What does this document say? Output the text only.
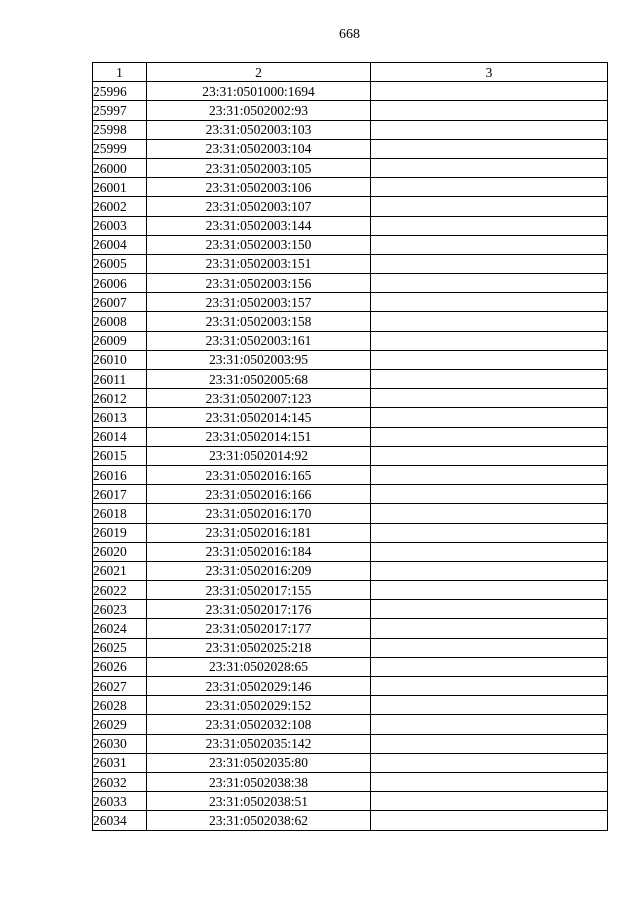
668
1	2	3
25996	23:31:0501000:1694	
25997	23:31:0502002:93	
25998	23:31:0502003:103	
25999	23:31:0502003:104	
26000	23:31:0502003:105	
26001	23:31:0502003:106	
26002	23:31:0502003:107	
26003	23:31:0502003:144	
26004	23:31:0502003:150	
26005	23:31:0502003:151	
26006	23:31:0502003:156	
26007	23:31:0502003:157	
26008	23:31:0502003:158	
26009	23:31:0502003:161	
26010	23:31:0502003:95	
26011	23:31:0502005:68	
26012	23:31:0502007:123	
26013	23:31:0502014:145	
26014	23:31:0502014:151	
26015	23:31:0502014:92	
26016	23:31:0502016:165	
26017	23:31:0502016:166	
26018	23:31:0502016:170	
26019	23:31:0502016:181	
26020	23:31:0502016:184	
26021	23:31:0502016:209	
26022	23:31:0502017:155	
26023	23:31:0502017:176	
26024	23:31:0502017:177	
26025	23:31:0502025:218	
26026	23:31:0502028:65	
26027	23:31:0502029:146	
26028	23:31:0502029:152	
26029	23:31:0502032:108	
26030	23:31:0502035:142	
26031	23:31:0502035:80	
26032	23:31:0502038:38	
26033	23:31:0502038:51	
26034	23:31:0502038:62	
